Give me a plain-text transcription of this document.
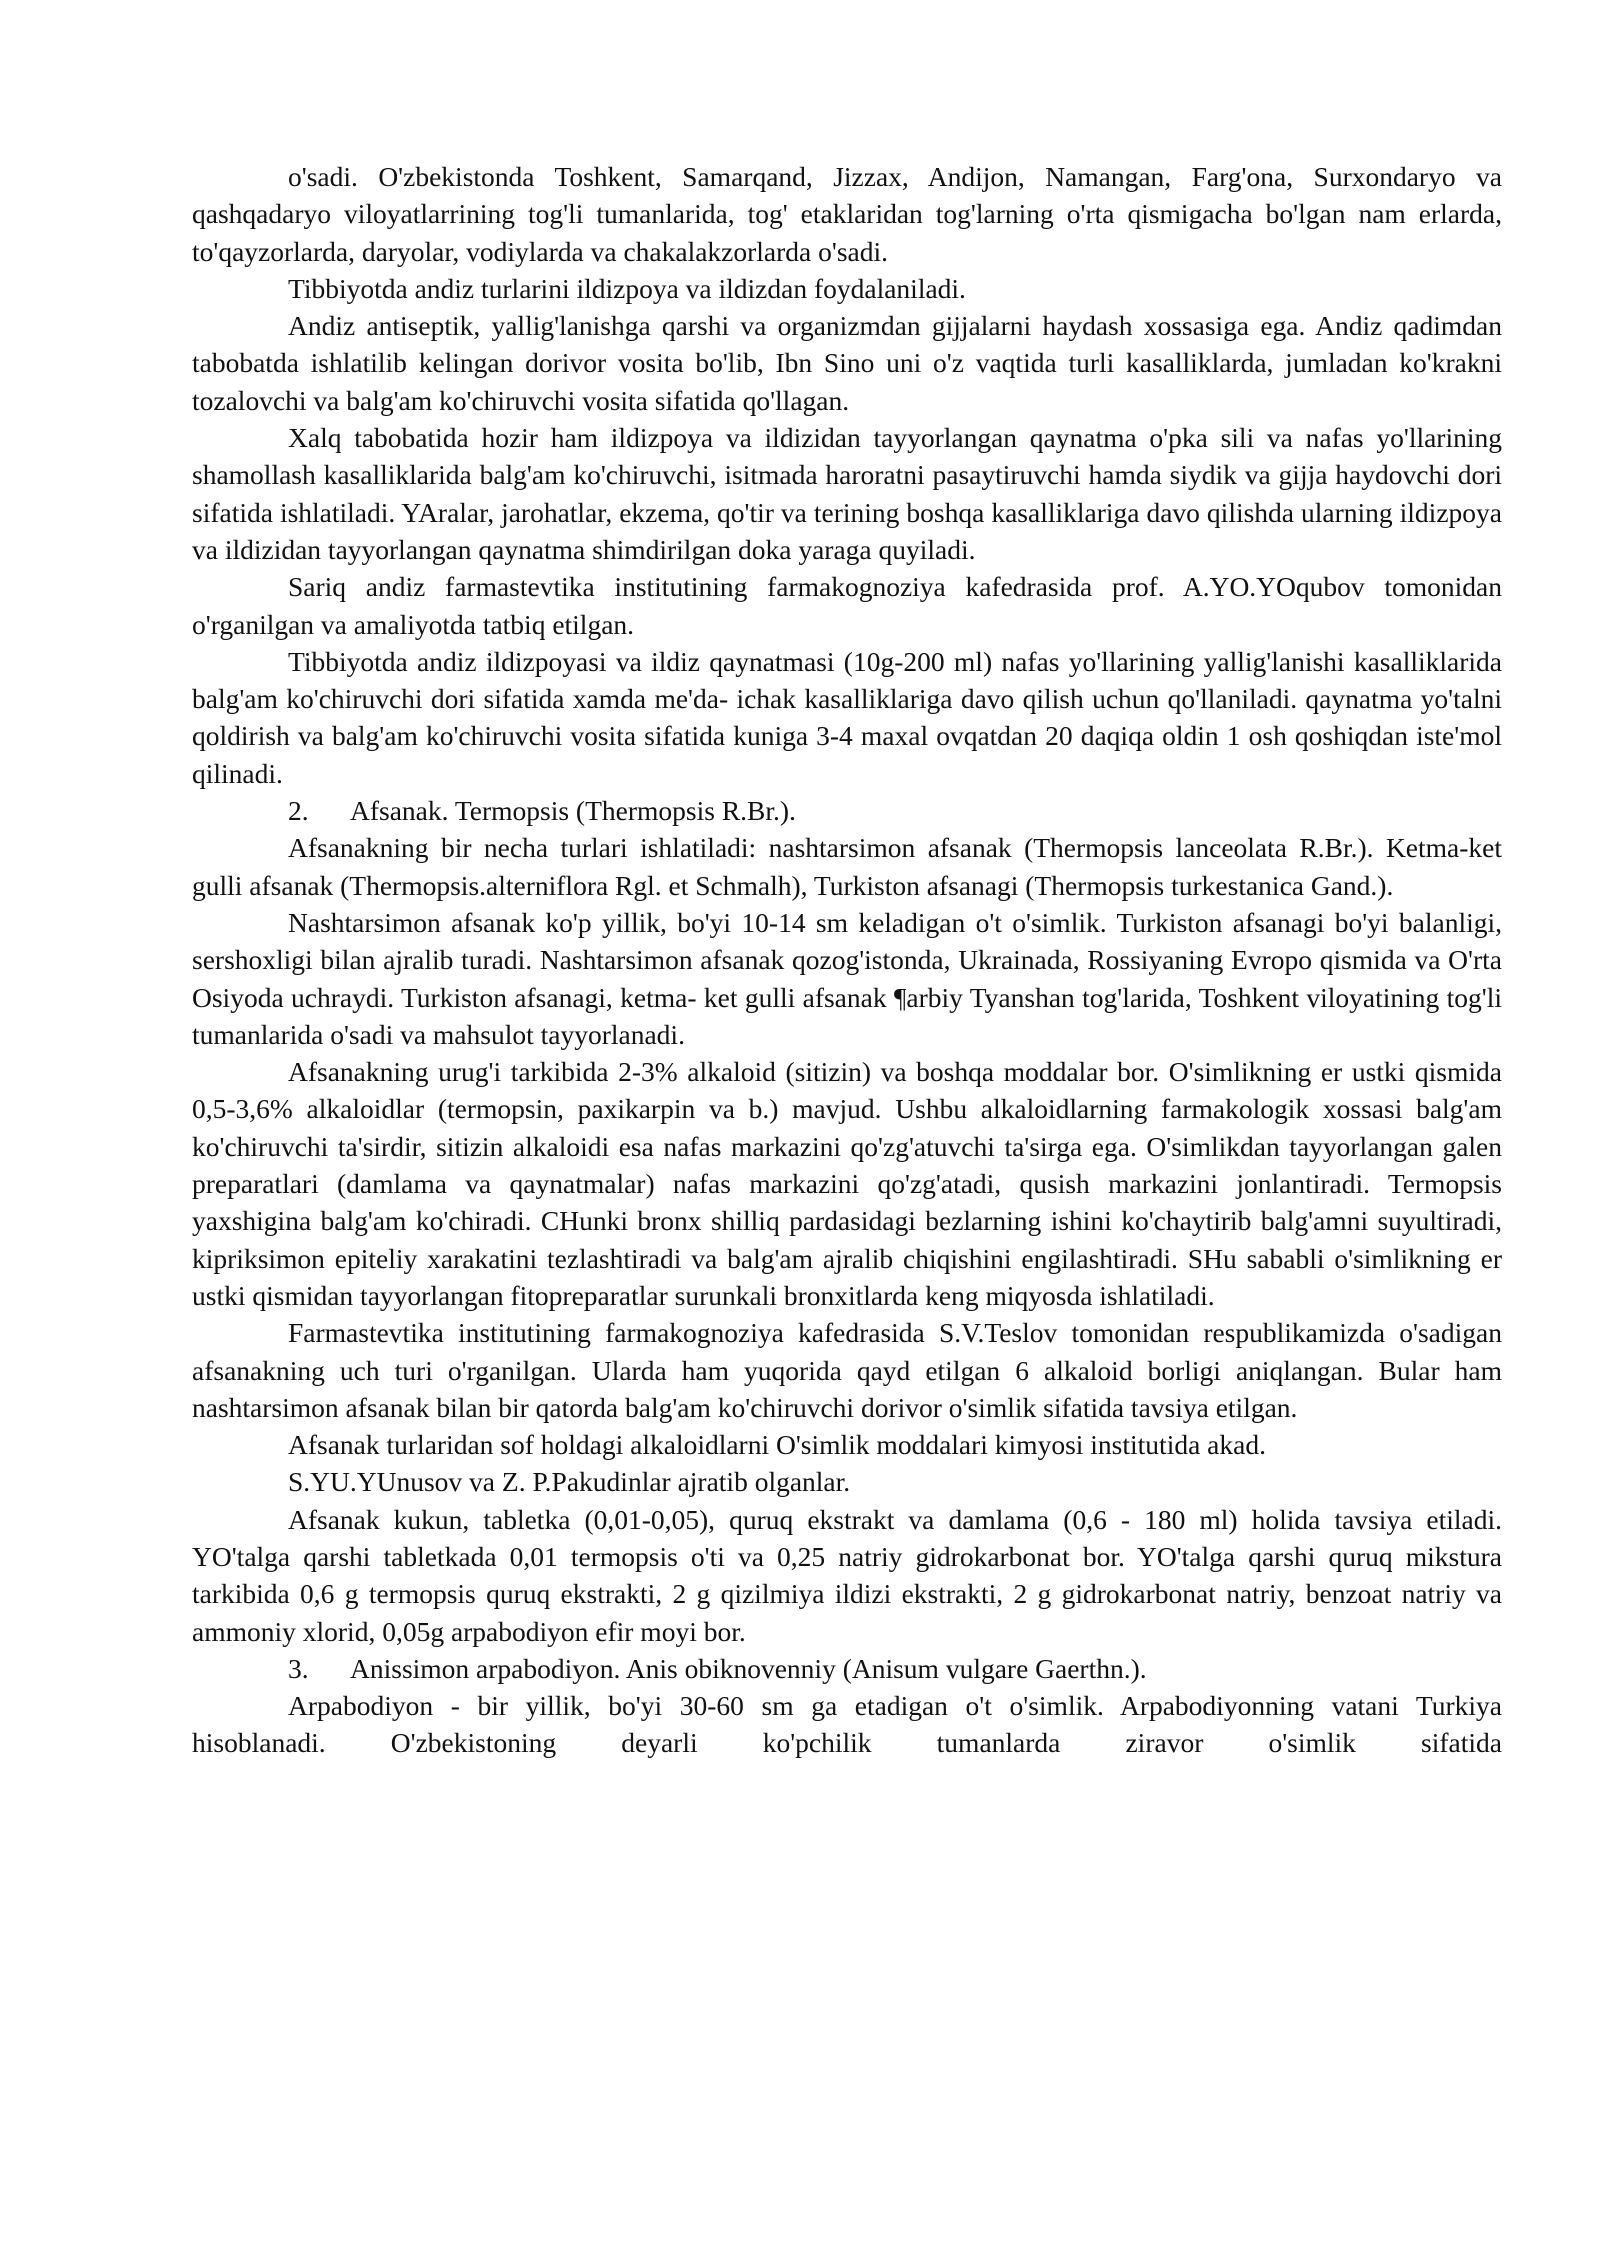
o'sadi. O'zbekistonda Toshkent, Samarqand, Jizzax, Andijon, Namangan, Farg'ona, Surxondaryo va qashqadaryo viloyatlarrining tog'li tumanlarida, tog' etaklaridan tog'larning o'rta qismigacha bo'lgan nam erlarda, to'qayzorlarda, daryolar, vodiylarda va chakalakzorlarda o'sadi.

Tibbiyotda andiz turlarini ildizpoya va ildizdan foydalaniladi.

Andiz antiseptik, yallig'lanishga qarshi va organizmdan gijjalarni haydash xossasiga ega. Andiz qadimdan tabobatda ishlatilib kelingan dorivor vosita bo'lib, Ibn Sino uni o'z vaqtida turli kasalliklarda, jumladan ko'krakni tozalovchi va balg'am ko'chiruvchi vosita sifatida qo'llagan.

Xalq tabobatida hozir ham ildizpoya va ildizidan tayyorlangan qaynatma o'pka sili va nafas yo'llarining shamollash kasalliklarida balg'am ko'chiruvchi, isitmada haroratni pasaytiruvchi hamda siydik va gijja haydovchi dori sifatida ishlatiladi. YAralar, jarohatlar, ekzema, qo'tir va terining boshqa kasalliklariga davo qilishda ularning ildizpoya va ildizidan tayyorlangan qaynatma shimdirilgan doka yaraga quyiladi.

Sariq andiz farmastevtika institutining farmakognoziya kafedrasida prof. A.YO.YOqubov tomonidan o'rganilgan va amaliyotda tatbiq etilgan.

Tibbiyotda andiz ildizpoyasi va ildiz qaynatmasi (10g-200 ml) nafas yo'llarining yallig'lanishi kasalliklarida balg'am ko'chiruvchi dori sifatida xamda me'da- ichak kasalliklariga davo qilish uchun qo'llaniladi. qaynatma yo'talni qoldirish va balg'am ko'chiruvchi vosita sifatida kuniga 3-4 maxal ovqatdan 20 daqiqa oldin 1 osh qoshiqdan iste'mol qilinadi.

2. Afsanak. Termopsis (Thermopsis R.Br.).

Afsanakning bir necha turlari ishlatiladi: nashtarsimon afsanak (Thermopsis lanceolata R.Br.). Ketma-ket gulli afsanak (Thermopsis.alterniflora Rgl. et Schmalh), Turkiston afsanagi (Thermopsis turkestanica Gand.).

Nashtarsimon afsanak ko'p yillik, bo'yi 10-14 sm keladigan o't o'simlik. Turkiston afsanagi bo'yi balanligi, sershoxligi bilan ajralib turadi. Nashtarsimon afsanak qozog'istonda, Ukrainada, Rossiyaning Evropo qismida va O'rta Osiyoda uchraydi. Turkiston afsanagi, ketma- ket gulli afsanak ¶arbiy Tyanshan tog'larida, Toshkent viloyatining tog'li tumanlarida o'sadi va mahsulot tayyorlanadi.

Afsanakning urug'i tarkibida 2-3% alkaloid (sitizin) va boshqa moddalar bor. O'simlikning er ustki qismida 0,5-3,6% alkaloidlar (termopsin, paxikarpin va b.) mavjud. Ushbu alkaloidlarning farmakologik xossasi balg'am ko'chiruvchi ta'sirdir, sitizin alkaloidi esa nafas markazini qo'zg'atuvchi ta'sirga ega. O'simlikdan tayyorlangan galen preparatlari (damlama va qaynatmalar) nafas markazini qo'zg'atadi, qusish markazini jonlantiradi. Termopsis yaxshigina balg'am ko'chiradi. CHunki bronx shilliq pardasidagi bezlarning ishini ko'chaytirib balg'amni suyultiradi, kipriksimon epiteliy xarakatini tezlashtiradi va balg'am ajralib chiqishini engilashtiradi. SHu sababli o'simlikning er ustki qismidan tayyorlangan fitopreparatlar surunkali bronxitlarda keng miqyosda ishlatiladi.

Farmastevtika institutining farmakognoziya kafedrasida S.V.Teslov tomonidan respublikamizda o'sadigan afsanakning uch turi o'rganilgan. Ularda ham yuqorida qayd etilgan 6 alkaloid borligi aniqlangan. Bular ham nashtarsimon afsanak bilan bir qatorda balg'am ko'chiruvchi dorivor o'simlik sifatida tavsiya etilgan.

Afsanak turlaridan sof holdagi alkaloidlarni O'simlik moddalari kimyosi institutida akad.

S.YU.YUnusov va Z. P.Pakudinlar ajratib olganlar.

Afsanak kukun, tabletka (0,01-0,05), quruq ekstrakt va damlama (0,6 - 180 ml) holida tavsiya etiladi. YO'talga qarshi tabletkada 0,01 termopsis o'ti va 0,25 natriy gidrokarbonat bor. YO'talga qarshi quruq mikstura tarkibida 0,6 g termopsis quruq ekstrakti, 2 g qizilmiya ildizi ekstrakti, 2 g gidrokarbonat natriy, benzoat natriy va ammoniy xlorid, 0,05g arpabodiyon efir moyi bor.

3. Anissimon arpabodiyon. Anis obiknovenniy (Anisum vulgare Gaerthn.).

Arpabodiyon - bir yillik, bo'yi 30-60 sm ga etadigan o't o'simlik. Arpabodiyonning vatani Turkiya hisoblanadi. O'zbekistoning deyarli ko'pchilik tumanlarda ziravor o'simlik sifatida
